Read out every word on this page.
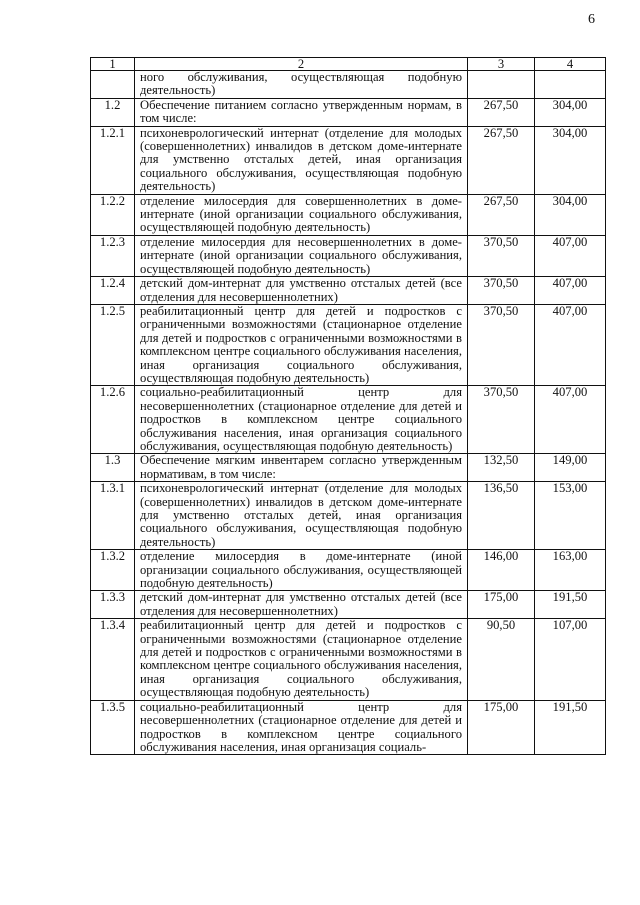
6
1	2	3	4
	ного обслуживания, осуществляющая подобную деятельность)		
1.2	Обеспечение питанием согласно утвержденным нормам, в том числе:	267,50	304,00
1.2.1	психоневрологический интернат (отделение для молодых (совершеннолетних) инвалидов в детском доме-интернате для умственно отсталых детей, иная организация социального обслуживания, осуществляющая подобную деятельность)	267,50	304,00
1.2.2	отделение милосердия для совершеннолетних в доме-интернате (иной организации социального обслуживания, осуществляющей подобную деятельность)	267,50	304,00
1.2.3	отделение милосердия для несовершеннолетних в доме-интернате (иной организации социального обслуживания, осуществляющей подобную деятельность)	370,50	407,00
1.2.4	детский дом-интернат для умственно отсталых детей (все отделения для несовершеннолетних)	370,50	407,00
1.2.5	реабилитационный центр для детей и подростков с ограниченными возможностями (стационарное отделение для детей и подростков с ограниченными возможностями в комплексном центре социального обслуживания населения, иная организация социального обслуживания, осуществляющая подобную деятельность)	370,50	407,00
1.2.6	социально-реабилитационный центр для несовершеннолетних (стационарное отделение для детей и подростков в комплексном центре социального обслуживания населения, иная организация социального обслуживания, осуществляющая подобную деятельность)	370,50	407,00
1.3	Обеспечение мягким инвентарем согласно утвержденным нормативам, в том числе:	132,50	149,00
1.3.1	психоневрологический интернат (отделение для молодых (совершеннолетних) инвалидов в детском доме-интернате для умственно отсталых детей, иная организация социального обслуживания, осуществляющая подобную деятельность)	136,50	153,00
1.3.2	отделение милосердия в доме-интернате (иной организации социального обслуживания, осуществляющей подобную деятельность)	146,00	163,00
1.3.3	детский дом-интернат для умственно отсталых детей (все отделения для несовершеннолетних)	175,00	191,50
1.3.4	реабилитационный центр для детей и подростков с ограниченными возможностями (стационарное отделение для детей и подростков с ограниченными возможностями в комплексном центре социального обслуживания населения, иная организация социального обслуживания, осуществляющая подобную деятельность)	90,50	107,00
1.3.5	социально-реабилитационный центр для несовершеннолетних (стационарное отделение для детей и подростков в комплексном центре социального обслуживания населения, иная организация социаль-	175,00	191,50
